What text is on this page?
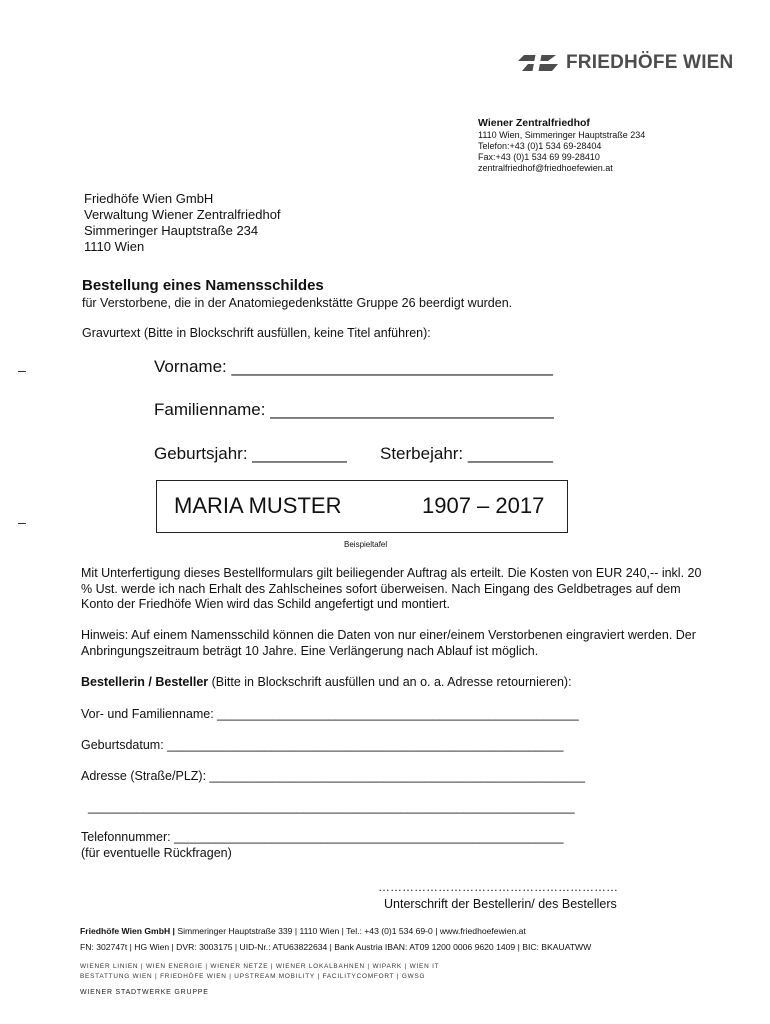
FRIEDHÖFE WIEN
Wiener Zentralfriedhof
1110 Wien, Simmeringer Hauptstraße 234
Telefon:+43 (0)1 534 69-28404
Fax:+43 (0)1 534 69 99-28410
zentralfriedhof@friedhoefewien.at
Friedhöfe Wien GmbH
Verwaltung Wiener Zentralfriedhof
Simmeringer Hauptstraße 234
1110 Wien
Bestellung eines Namensschildes
für Verstorbene, die in der Anatomiegedenkstätte Gruppe 26 beerdigt wurden.
Gravurtext (Bitte in Blockschrift ausfüllen, keine Titel anführen):
Vorname: __________________________________
Familienname: ______________________________
Geburtsjahr: __________ Sterbejahr: _________
MARIA MUSTER	1907 – 2017
Beispieltafel
Mit Unterfertigung dieses Bestellformulars gilt beiliegender Auftrag als erteilt. Die Kosten von EUR 240,-- inkl. 20 % Ust. werde ich nach Erhalt des Zahlscheines sofort überweisen. Nach Eingang des Geldbetrages auf dem Konto der Friedhöfe Wien wird das Schild angefertigt und montiert.
Hinweis: Auf einem Namensschild können die Daten von nur einer/einem Verstorbenen eingraviert werden. Der Anbringungszeitraum beträgt 10 Jahre. Eine Verlängerung nach Ablauf ist möglich.
Bestellerin / Besteller (Bitte in Blockschrift ausfüllen und an o. a. Adresse retournieren):
Vor- und Familienname: ____________________________________________________
Geburtsdatum: _________________________________________________________
Adresse (Straße/PLZ): ______________________________________________________
______________________________________________________________________
Telefonnummer: ________________________________________________________
(für eventuelle Rückfragen)
……………………………………………………
Unterschrift der Bestellerin/ des Bestellers
Friedhöfe Wien GmbH | Simmeringer Hauptstraße 339 | 1110 Wien | Tel.: +43 (0)1 534 69-0 | www.friedhoefewien.at
FN: 302747t | HG Wien | DVR: 3003175 | UID-Nr.: ATU63822634 | Bank Austria IBAN: AT09 1200 0006 9620 1409 | BIC: BKAUATWW
WIENER LINIEN | WIEN ENERGIE | WIENER NETZE | WIENER LOKALBAHNEN | WIPARK | WIEN IT
BESTATTUNG WIEN | FRIEDHÖFE WIEN | UPSTREAM MOBILITY | FACILITYCOMFORT | GWSG
WIENER STADTWERKE GRUPPE
